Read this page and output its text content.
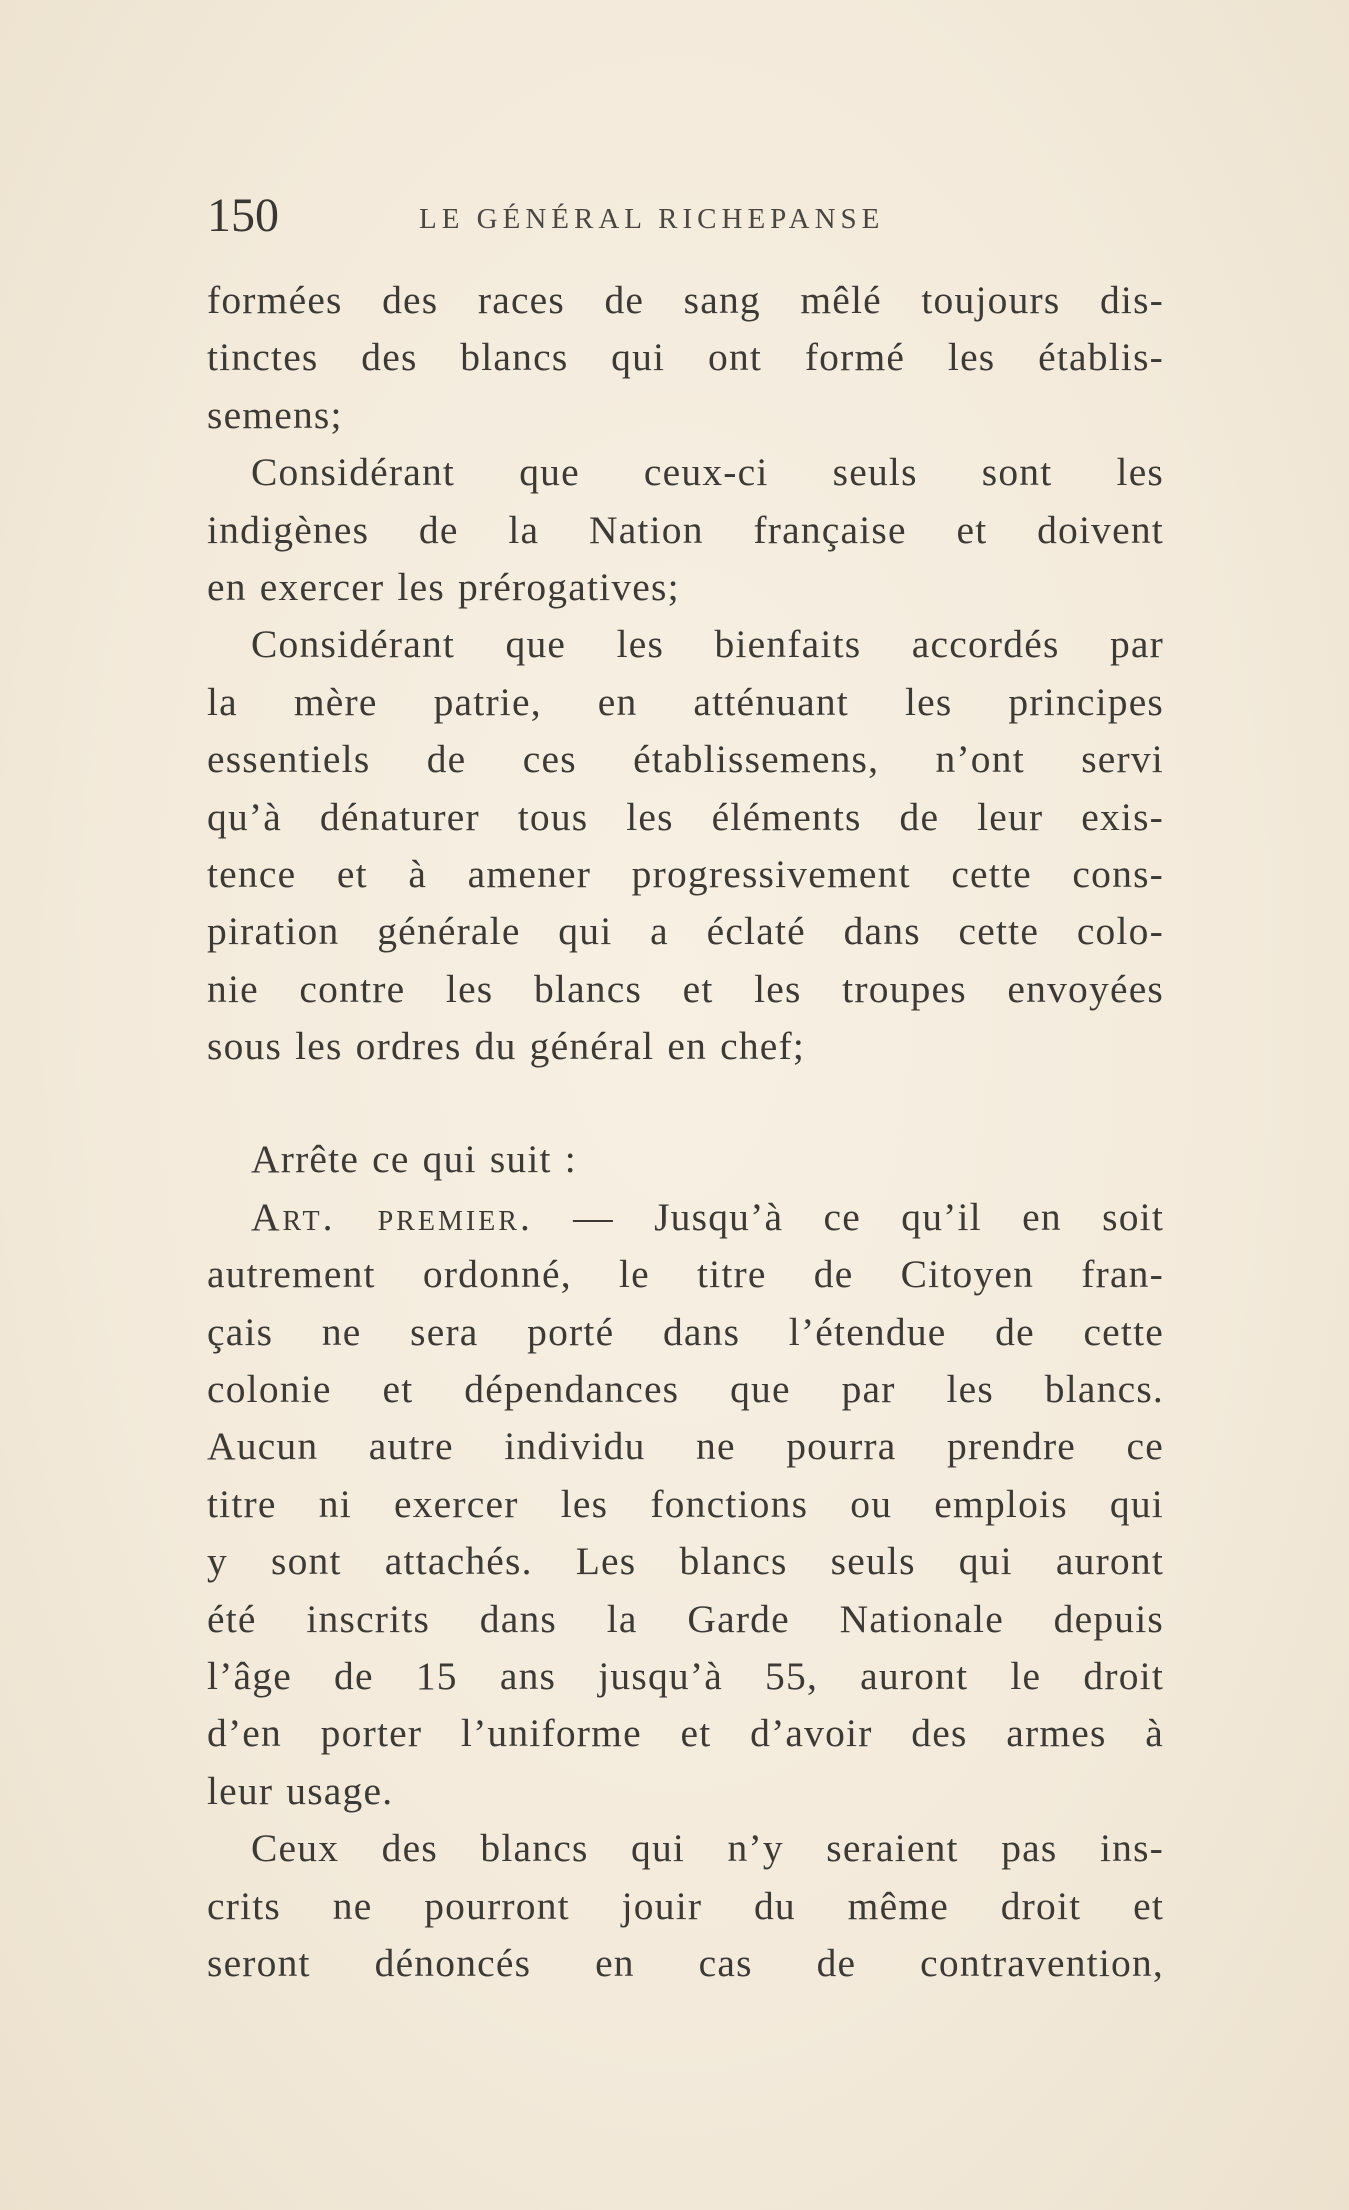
150	LE GÉNÉRAL RICHEPANSE
formées des races de sang mêlé toujours dis-
tinctes des blancs qui ont formé les établis-
semens;
Considérant que ceux-ci seuls sont les
indigènes de la Nation française et doivent
en exercer les prérogatives;
Considérant que les bienfaits accordés par
la mère patrie, en atténuant les principes
essentiels de ces établissemens, n’ont servi
qu’à dénaturer tous les éléments de leur exis-
tence et à amener progressivement cette cons-
piration générale qui a éclaté dans cette colo-
nie contre les blancs et les troupes envoyées
sous les ordres du général en chef;
Arrête ce qui suit :
Art. premier. — Jusqu’à ce qu’il en soit
autrement ordonné, le titre de Citoyen fran-
çais ne sera porté dans l’étendue de cette
colonie et dépendances que par les blancs.
Aucun autre individu ne pourra prendre ce
titre ni exercer les fonctions ou emplois qui
y sont attachés. Les blancs seuls qui auront
été inscrits dans la Garde Nationale depuis
l’âge de 15 ans jusqu’à 55, auront le droit
d’en porter l’uniforme et d’avoir des armes à
leur usage.
Ceux des blancs qui n’y seraient pas ins-
crits ne pourront jouir du même droit et
seront dénoncés en cas de contravention,
